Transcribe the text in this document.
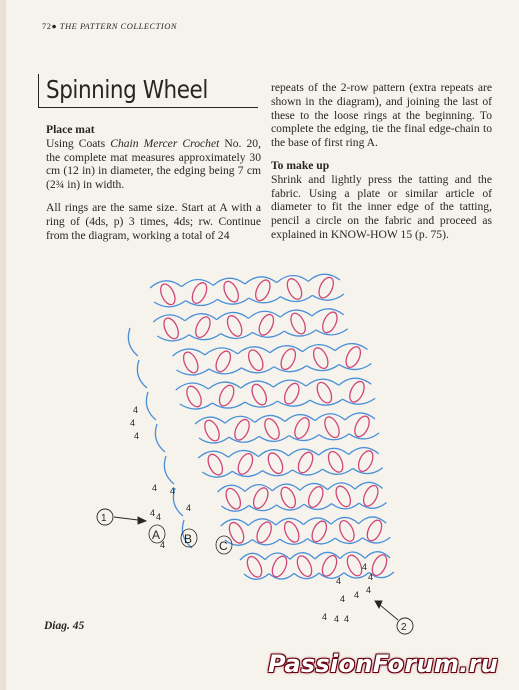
72● THE PATTERN COLLECTION
Spinning Wheel
Place mat

Using Coats Chain Mercer Crochet No. 20, the complete mat measures approximately 30 cm (12 in) in diameter, the edging being 7 cm (2¾ in) in width.

All rings are the same size. Start at A with a ring of (4ds, p) 3 times, 4ds; rw. Continue from the diagram, working a total of 24

repeats of the 2-row pattern (extra repeats are shown in the diagram), and joining the last of these to the loose rings at the beginning. To complete the edging, tie the final edge-chain to the base of first ring A.

To make up

Shrink and lightly press the tatting and the fabric. Using a plate or similar article of diameter to fit the inner edge of the tatting, pencil a circle on the fabric and proceed as explained in KNOW-HOW 15 (p. 75).

4
4
4
4 4
4 4
4
4
4
4
4
4
4
4 4 4
4
A B C
1
2
Diag. 45
PassionForum.ru
